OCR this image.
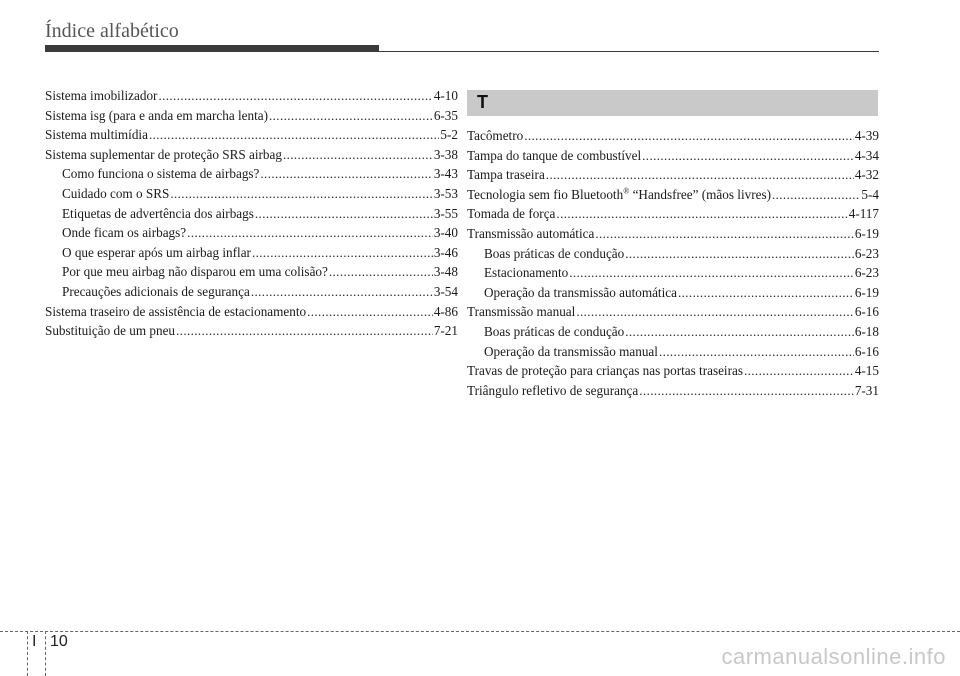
Índice alfabético
Sistema imobilizador .....	4-10
Sistema isg (para e anda em marcha lenta) .....	6-35
Sistema multimídia .....	5-2
Sistema suplementar de proteção SRS airbag .....	3-38
Como funciona o sistema de airbags? .....	3-43
Cuidado com o SRS .....	3-53
Etiquetas de advertência dos airbags .....	3-55
Onde ficam os airbags? .....	3-40
O que esperar após um airbag inflar .....	3-46
Por que meu airbag não disparou em uma colisão? .....	3-48
Precauções adicionais de segurança .....	3-54
Sistema traseiro de assistência de estacionamento .....	4-86
Substituição de um pneu .....	7-21
T
Tacômetro .....	4-39
Tampa do tanque de combustível .....	4-34
Tampa traseira .....	4-32
Tecnologia sem fio Bluetooth® “Handsfree” (mãos livres) .....	5-4
Tomada de força .....	4-117
Transmissão automática .....	6-19
Boas práticas de condução .....	6-23
Estacionamento .....	6-23
Operação da transmissão automática .....	6-19
Transmissão manual .....	6-16
Boas práticas de condução .....	6-18
Operação da transmissão manual .....	6-16
Travas de proteção para crianças nas portas traseiras .....	4-15
Triângulo refletivo de segurança .....	7-31
I 10
carmanualsonline.info
